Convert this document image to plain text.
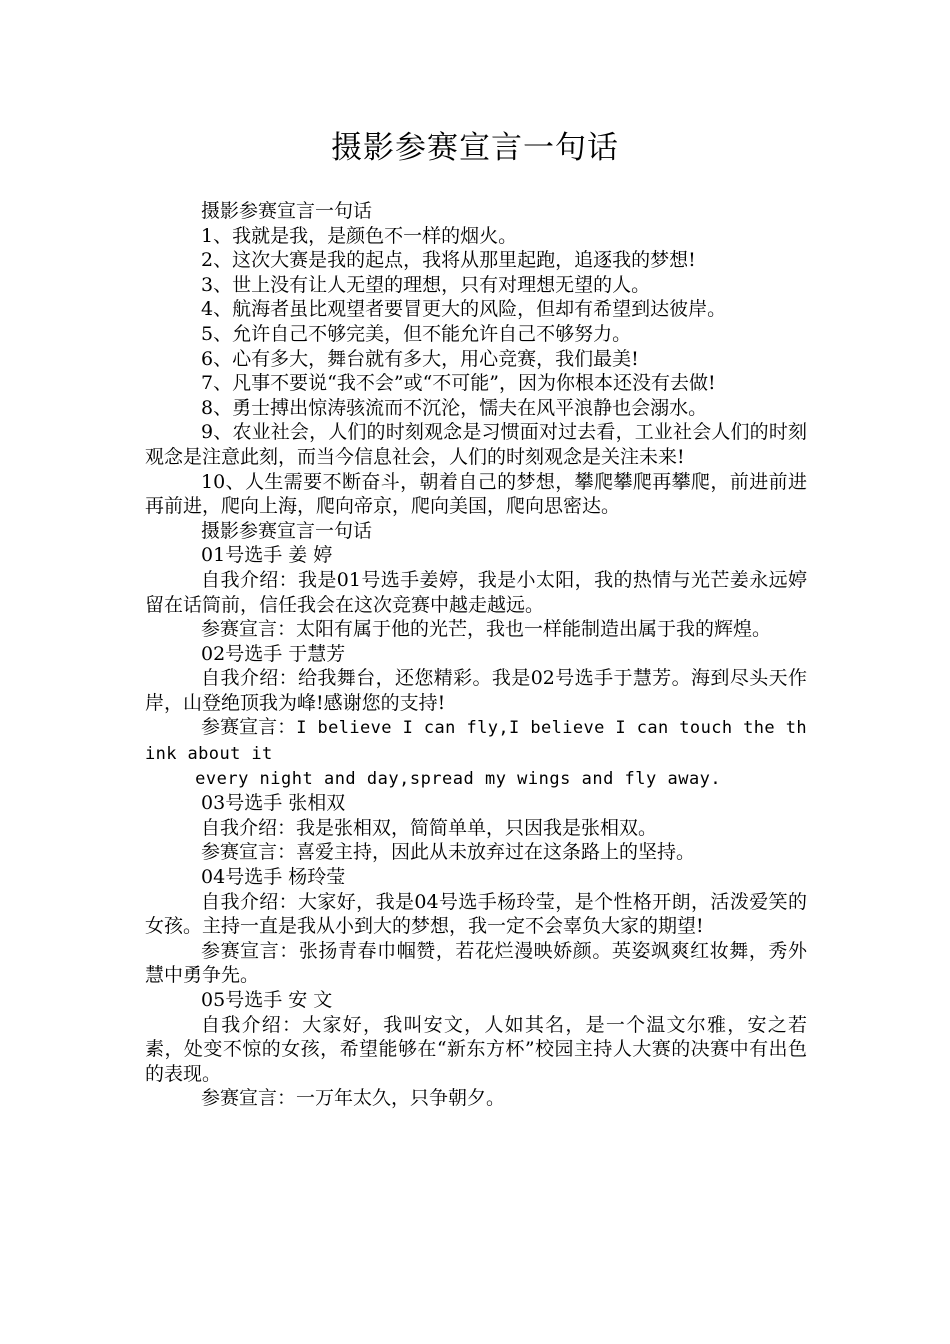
摄影参赛宣言一句话

摄影参赛宣言一句话

1、我就是我，是颜色不一样的烟火。

2、这次大赛是我的起点，我将从那里起跑，追逐我的梦想!

3、世上没有让人无望的理想，只有对理想无望的人。

4、航海者虽比观望者要冒更大的风险，但却有希望到达彼岸。

5、允许自己不够完美，但不能允许自己不够努力。

6、心有多大，舞台就有多大，用心竞赛，我们最美!

7、凡事不要说“我不会”或“不可能”，因为你根本还没有去做!

8、勇士搏出惊涛骇流而不沉沦，懦夫在风平浪静也会溺水。

9、农业社会，人们的时刻观念是习惯面对过去看，工业社会人们的时刻观念是注意此刻，而当今信息社会，人们的时刻观念是关注未来!

10、人生需要不断奋斗，朝着自己的梦想，攀爬攀爬再攀爬，前进前进再前进，爬向上海，爬向帝京，爬向美国，爬向思密达。

摄影参赛宣言一句话

01号选手 姜 婷

自我介绍：我是01号选手姜婷，我是小太阳，我的热情与光芒姜永远婷留在话筒前，信任我会在这次竞赛中越走越远。

参赛宣言：太阳有属于他的光芒，我也一样能制造出属于我的辉煌。

02号选手 于慧芳

自我介绍：给我舞台，还您精彩。我是02号选手于慧芳。海到尽头天作岸，山登绝顶我为峰!感谢您的支持!

参赛宣言：I believe I can fly,I believe I can touch the think about it

every night and day,spread my wings and fly away.

03号选手 张相双

自我介绍：我是张相双，简简单单，只因我是张相双。

参赛宣言：喜爱主持，因此从未放弃过在这条路上的坚持。

04号选手 杨玲莹

自我介绍：大家好，我是04号选手杨玲莹，是个性格开朗，活泼爱笑的女孩。主持一直是我从小到大的梦想，我一定不会辜负大家的期望!

参赛宣言：张扬青春巾帼赞，若花烂漫映娇颜。英姿飒爽红妆舞，秀外慧中勇争先。

05号选手 安 文

自我介绍：大家好，我叫安文，人如其名，是一个温文尔雅，安之若素，处变不惊的女孩，希望能够在“新东方杯”校园主持人大赛的决赛中有出色的表现。

参赛宣言：一万年太久，只争朝夕。
